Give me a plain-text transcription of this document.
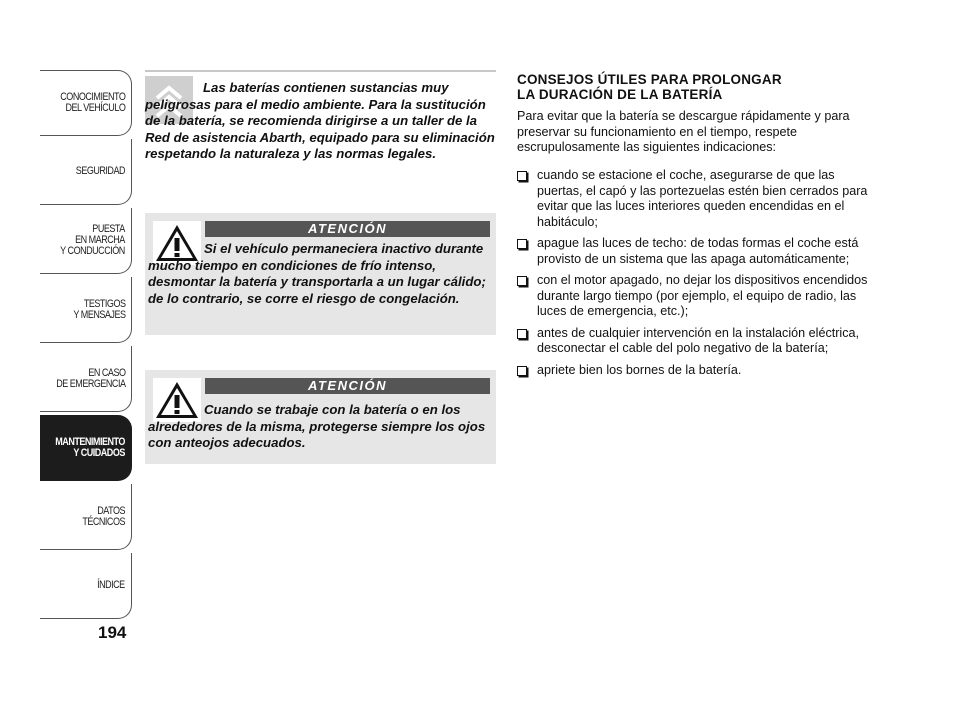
CONOCIMIENTO
DEL VEHÍCULO
SEGURIDAD
PUESTA
EN MARCHA
Y CONDUCCIÓN
TESTIGOS
Y MENSAJES
EN CASO
DE EMERGENCIA
MANTENIMIENTO
Y CUIDADOS
DATOS TÉCNICOS
ÍNDICE
194

Las baterías contienen sustancias muy peligrosas para el medio ambiente. Para la sustitución de la batería, se recomienda dirigirse a un taller de la Red de asistencia Abarth, equipado para su eliminación respetando la naturaleza y las normas legales.

ATENCIÓN

Si el vehículo permaneciera inactivo durante mucho tiempo en condiciones de frío intenso, desmontar la batería y transportarla a un lugar cálido; de lo contrario, se corre el riesgo de congelación.

ATENCIÓN

Cuando se trabaje con la batería o en los alrededores de la misma, protegerse siempre los ojos con anteojos adecuados.

CONSEJOS ÚTILES PARA PROLONGAR
LA DURACIÓN DE LA BATERÍA

Para evitar que la batería se descargue rápidamente y para preservar su funcionamiento en el tiempo, respete escrupulosamente las siguientes indicaciones:

cuando se estacione el coche, asegurarse de que las puertas, el capó y las portezuelas estén bien cerrados para evitar que las luces interiores queden encendidas en el habitáculo;
apague las luces de techo: de todas formas el coche está provisto de un sistema que las apaga automáticamente;
con el motor apagado, no dejar los dispositivos encendidos durante largo tiempo (por ejemplo, el equipo de radio, las luces de emergencia, etc.);
antes de cualquier intervención en la instalación eléctrica, desconectar el cable del polo negativo de la batería;
apriete bien los bornes de la batería.
